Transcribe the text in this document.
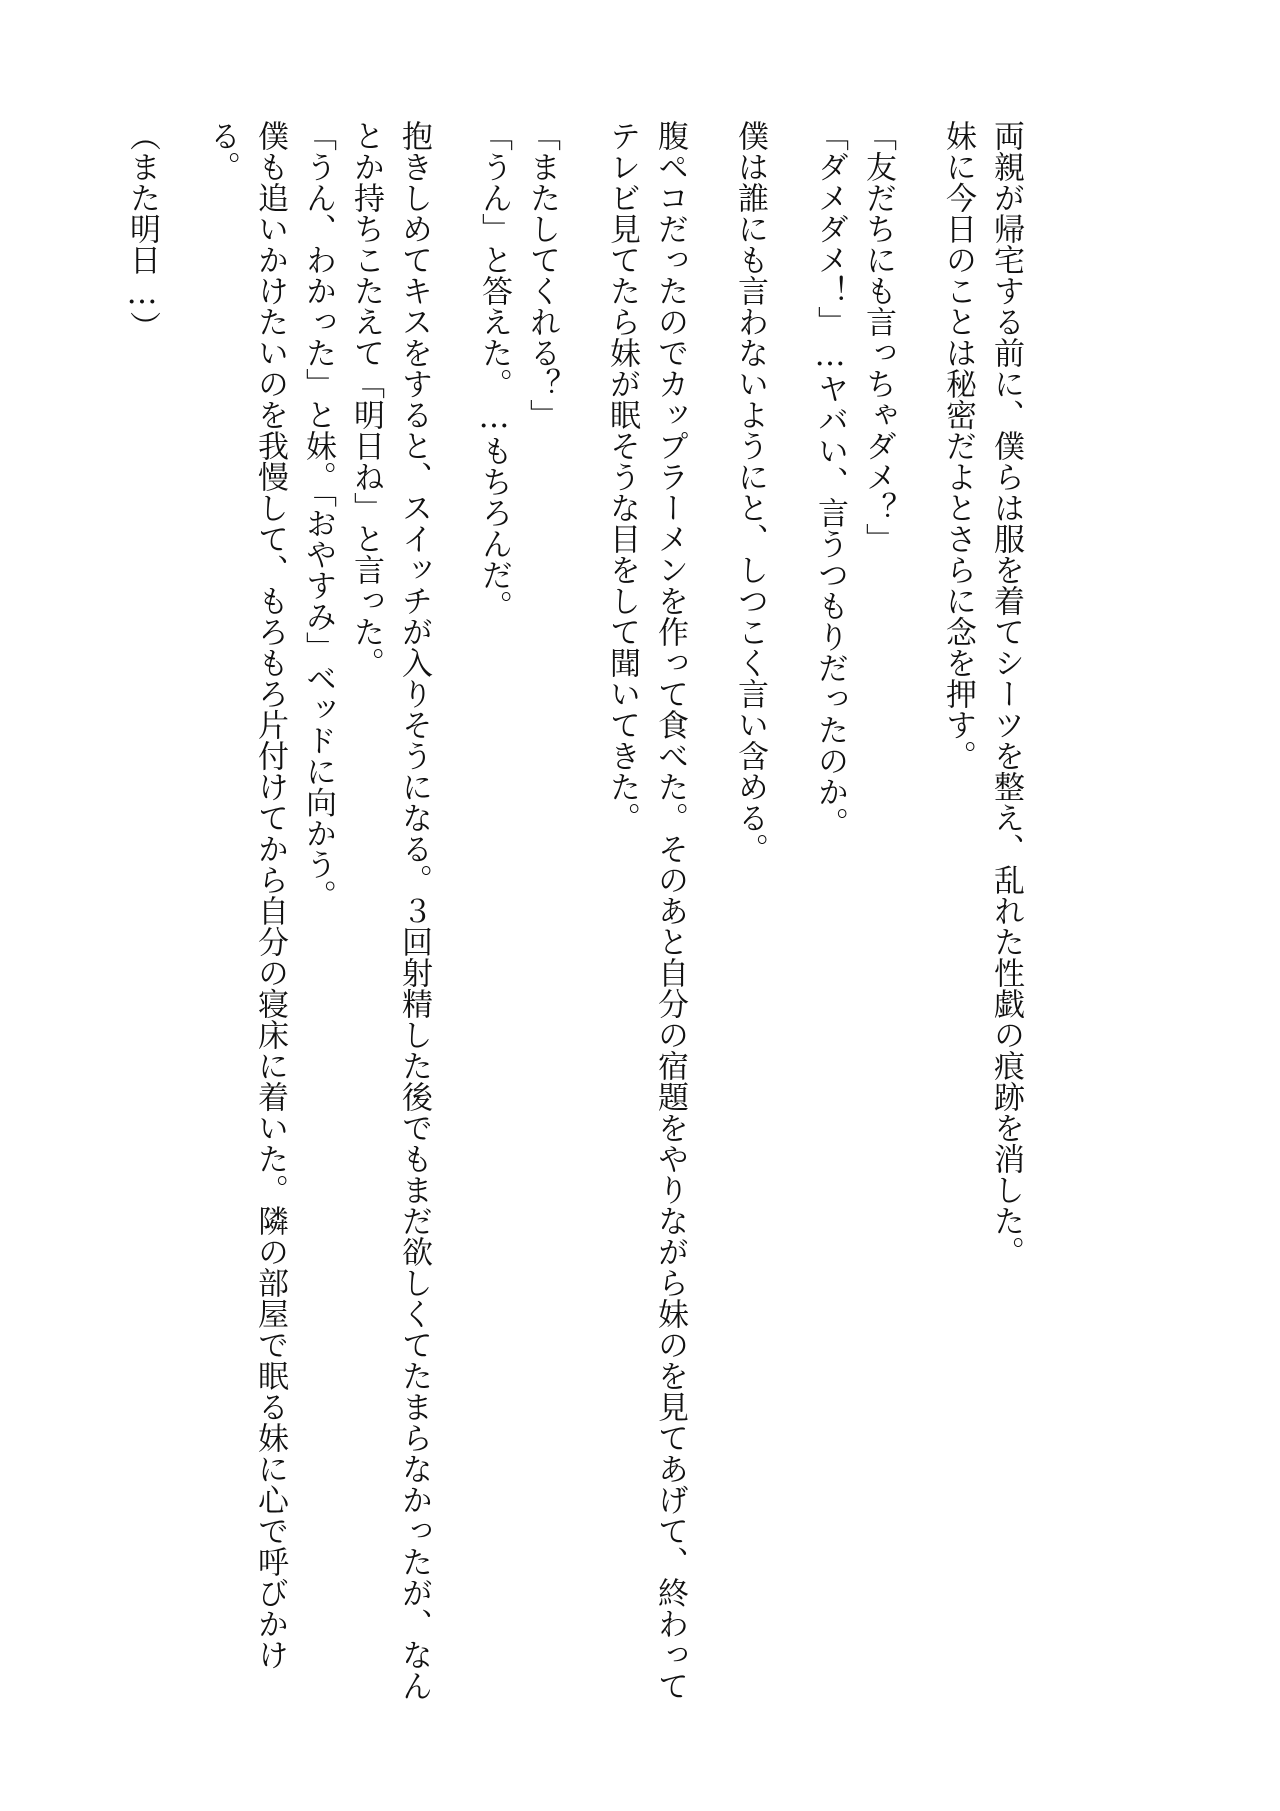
両親が帰宅する前に、僕らは服を着てシーツを整え、乱れた性戯の痕跡を消した。
妹に今日のことは秘密だよとさらに念を押す。
「友だちにも言っちゃダメ？」
「ダメダメ！」…ヤバい、言うつもりだったのか。
僕は誰にも言わないようにと、しつこく言い含める。
腹ペコだったのでカップラーメンを作って食べた。そのあと自分の宿題をやりながら妹のを見てあげて、終わって
テレビ見てたら妹が眠そうな目をして聞いてきた。
「またしてくれる？」
「うん」と答えた。…もちろんだ。
抱きしめてキスをすると、スイッチが入りそうになる。３回射精した後でもまだ欲しくてたまらなかったが、なん
とか持ちこたえて「明日ね」と言った。
「うん、わかった」と妹。「おやすみ」ベッドに向かう。
僕も追いかけたいのを我慢して、もろもろ片付けてから自分の寝床に着いた。隣の部屋で眠る妹に心で呼びかけ
る。
（また明日…）
